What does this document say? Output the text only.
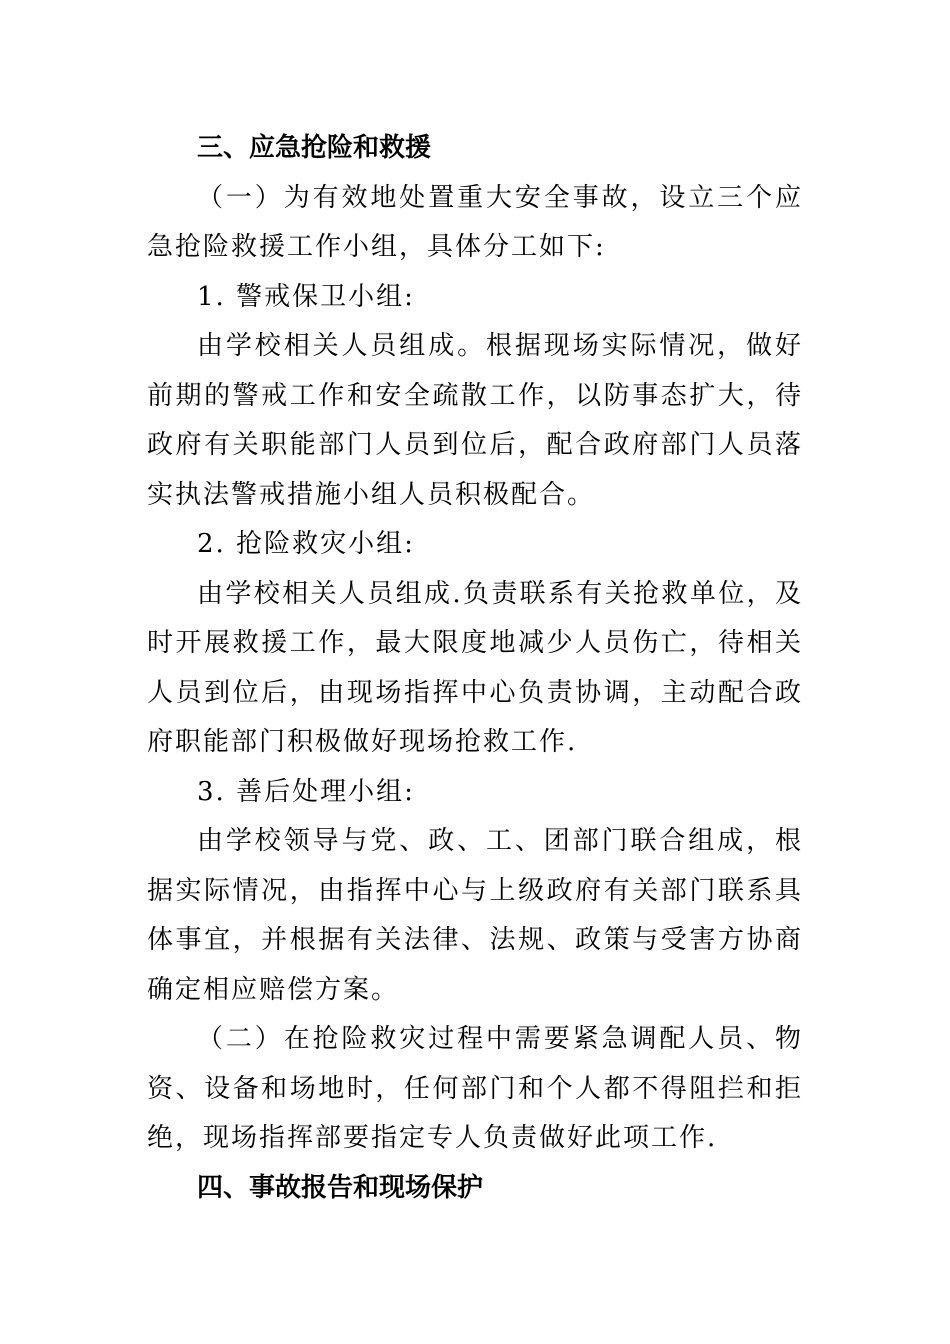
三、应急抢险和救援

（一）为有效地处置重大安全事故，设立三个应急抢险救援工作小组，具体分工如下:

1. 警戒保卫小组:

由学校相关人员组成。根据现场实际情况，做好前期的警戒工作和安全疏散工作，以防事态扩大，待政府有关职能部门人员到位后，配合政府部门人员落实执法警戒措施小组人员积极配合。

2. 抢险救灾小组:

由学校相关人员组成.负责联系有关抢救单位，及时开展救援工作，最大限度地减少人员伤亡，待相关人员到位后，由现场指挥中心负责协调，主动配合政府职能部门积极做好现场抢救工作.

3. 善后处理小组:

由学校领导与党、政、工、团部门联合组成，根据实际情况，由指挥中心与上级政府有关部门联系具体事宜，并根据有关法律、法规、政策与受害方协商确定相应赔偿方案。

（二）在抢险救灾过程中需要紧急调配人员、物资、设备和场地时，任何部门和个人都不得阻拦和拒绝，现场指挥部要指定专人负责做好此项工作.

四、事故报告和现场保护
